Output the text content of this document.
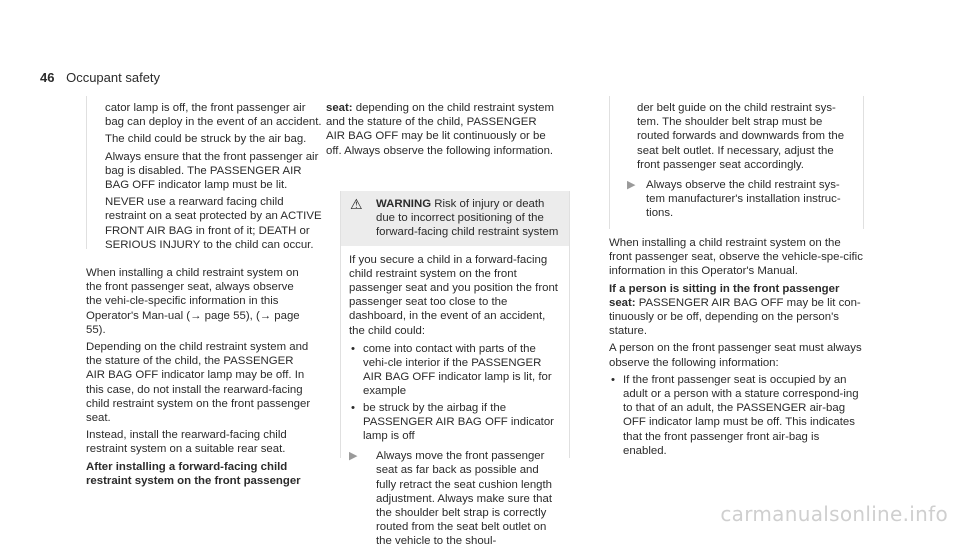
46 Occupant safety

cator lamp is off, the front passenger air bag can deploy in the event of an accident.

The child could be struck by the air bag.

Always ensure that the front passenger air bag is disabled. The PASSENGER AIR BAG OFF indicator lamp must be lit.

NEVER use a rearward facing child restraint on a seat protected by an ACTIVE FRONT AIR BAG in front of it; DEATH or SERIOUS INJURY to the child can occur.

When installing a child restraint system on the front passenger seat, always observe the vehi-cle-specific information in this Operator's Man-ual (→ page 55), (→ page 55).

Depending on the child restraint system and the stature of the child, the PASSENGER AIR BAG OFF indicator lamp may be off. In this case, do not install the rearward-facing child restraint system on the front passenger seat.

Instead, install the rearward-facing child restraint system on a suitable rear seat.

After installing a forward-facing child restraint system on the front passenger

seat: depending on the child restraint system and the stature of the child, PASSENGER AIR BAG OFF may be lit continuously or be off. Always observe the following information.

⚠	WARNING Risk of injury or death due to incorrect positioning of the forward-facing child restraint system

If you secure a child in a forward-facing child restraint system on the front passenger seat and you position the front passenger seat too close to the dashboard, in the event of an accident, the child could:

• come into contact with parts of the vehi-cle interior if the PASSENGER AIR BAG OFF indicator lamp is lit, for example
• be struck by the airbag if the PASSENGER AIR BAG OFF indicator lamp is off
▶	Always move the front passenger seat as far back as possible and fully retract the seat cushion length adjustment. Always make sure that the shoulder belt strap is correctly routed from the seat belt outlet on the vehicle to the shoul-

der belt guide on the child restraint sys-tem. The shoulder belt strap must be routed forwards and downwards from the seat belt outlet. If necessary, adjust the front passenger seat accordingly.

▶ Always observe the child restraint sys-tem manufacturer's installation instruc-tions.

When installing a child restraint system on the front passenger seat, observe the vehicle-spe-cific information in this Operator's Manual.

If a person is sitting in the front passenger seat: PASSENGER AIR BAG OFF may be lit con-tinuously or be off, depending on the person's stature.

A person on the front passenger seat must always observe the following information:

• If the front passenger seat is occupied by an adult or a person with a stature correspond-ing to that of an adult, the PASSENGER air-bag OFF indicator lamp must be off. This indicates that the front passenger front air-bag is enabled.
carmanualsonline.info
